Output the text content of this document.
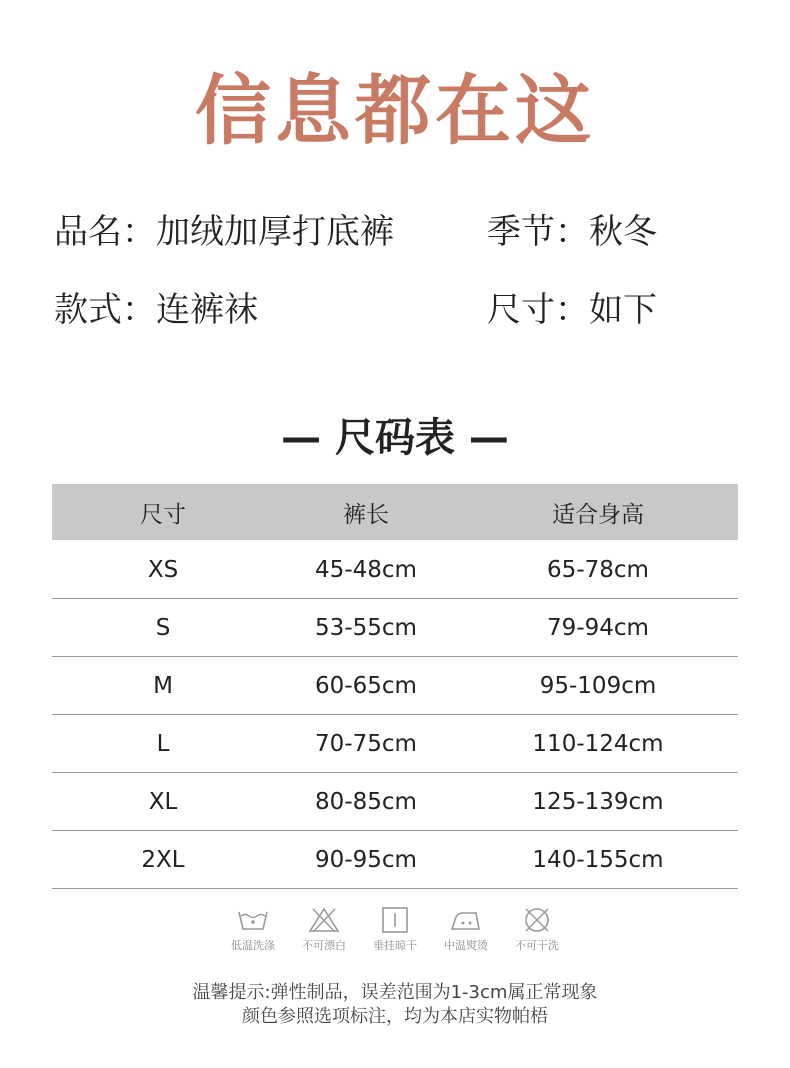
信息都在这
品名：加绒加厚打底裤	季节：秋冬
款式：连裤袜	尺寸：如下
— 尺码表 —
尺寸	裤长	适合身高
XS	45-48cm	65-78cm
S	53-55cm	79-94cm
M	60-65cm	95-109cm
L	70-75cm	110-124cm
XL	80-85cm	125-139cm
2XL	90-95cm	140-155cm
低温洗涤 不可漂白 垂挂晾干 中温熨烫 不可干洗
温馨提示:弹性制品，误差范围为1-3cm属正常现象
颜色参照选项标注，均为本店实物帕梧
